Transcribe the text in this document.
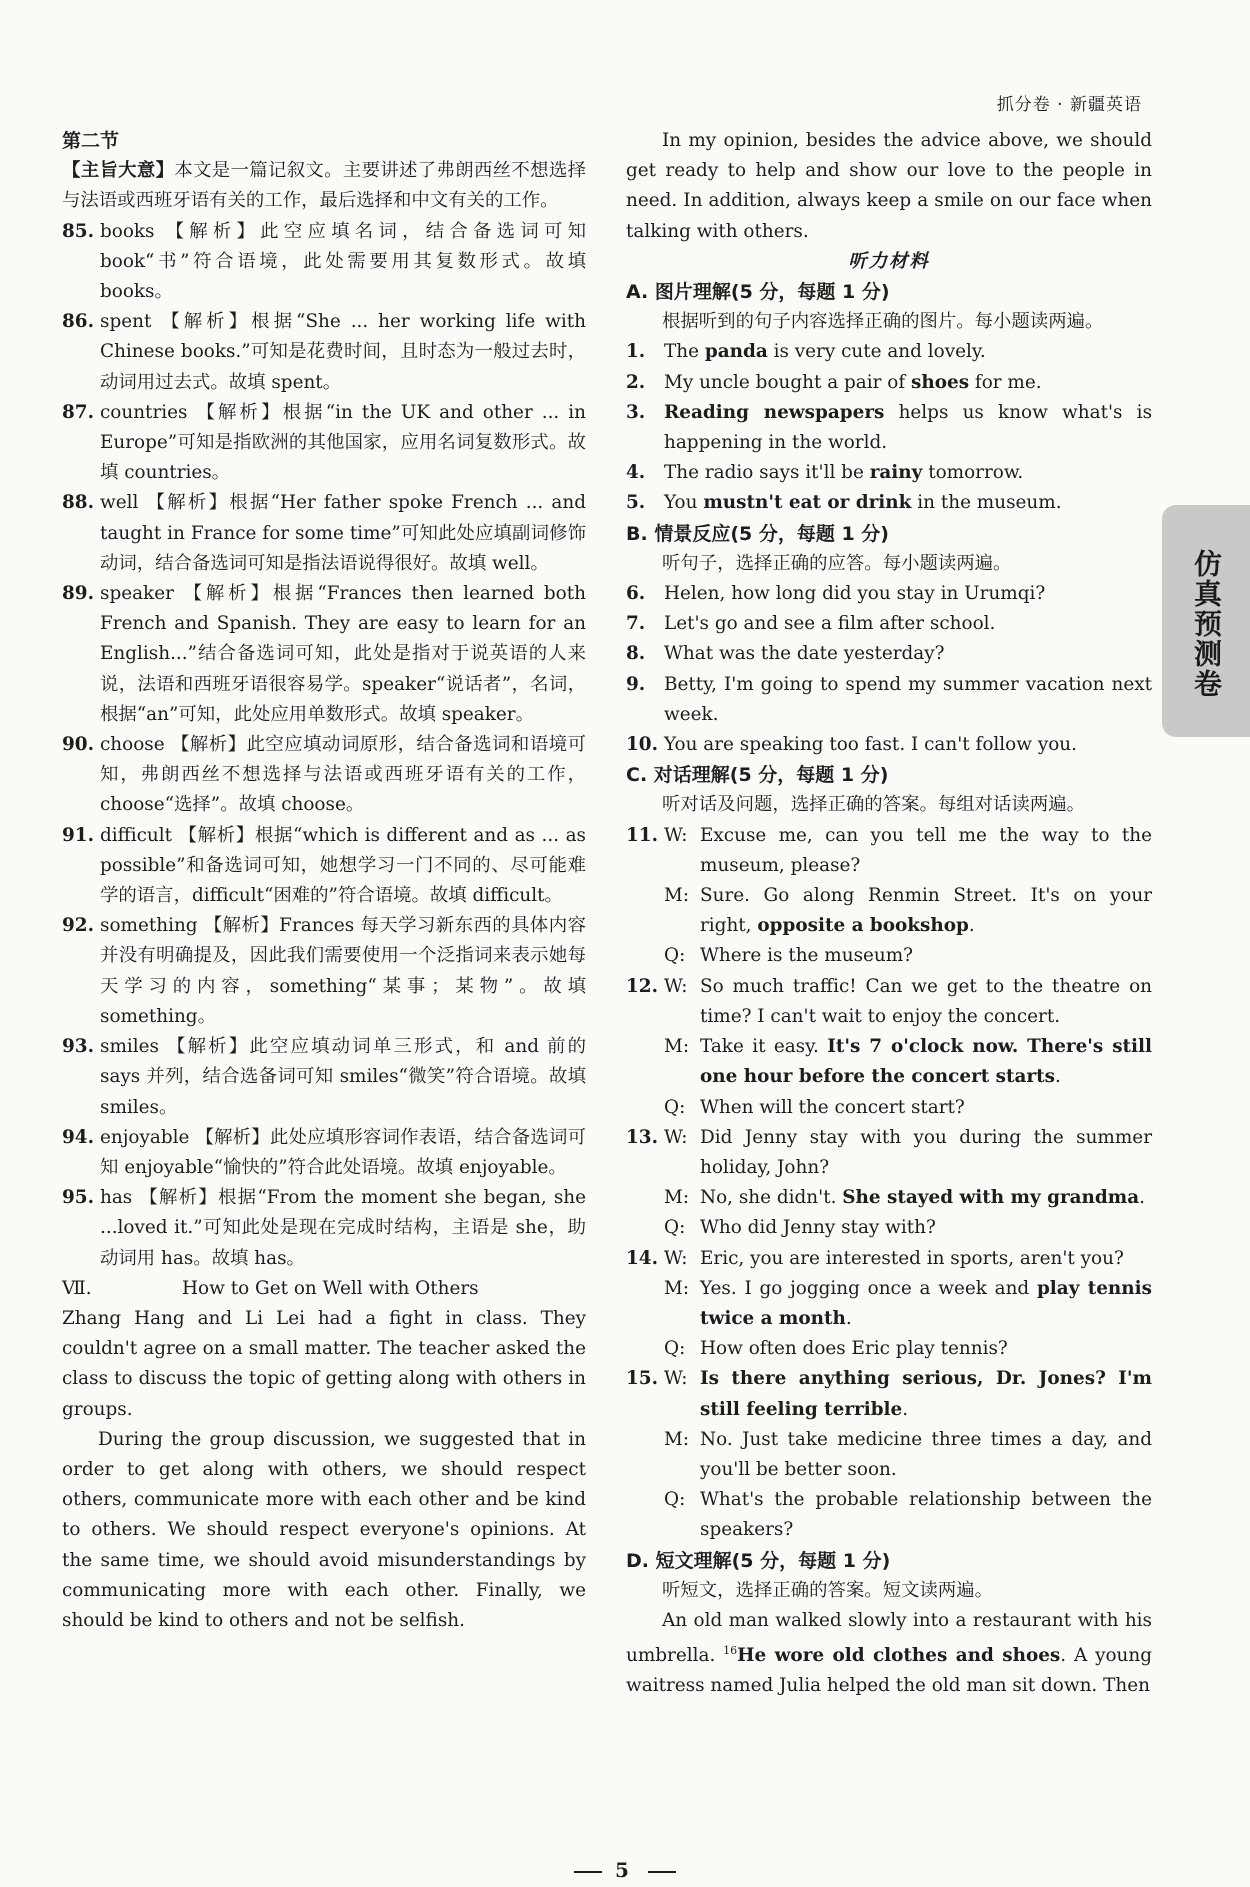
抓分卷 · 新疆英语
仿真预测卷

第二节

【主旨大意】本文是一篇记叙文。主要讲述了弗朗西丝不想选择与法语或西班牙语有关的工作，最后选择和中文有关的工作。

85. books 【解析】此空应填名词，结合备选词可知 book“书”符合语境，此处需要用其复数形式。故填 books。
86. spent 【解析】根据“She ... her working life with Chinese books.”可知是花费时间，且时态为一般过去时，动词用过去式。故填 spent。
87. countries 【解析】根据“in the UK and other ... in Europe”可知是指欧洲的其他国家，应用名词复数形式。故填 countries。
88. well 【解析】根据“Her father spoke French ... and taught in France for some time”可知此处应填副词修饰动词，结合备选词可知是指法语说得很好。故填 well。
89. speaker 【解析】根据“Frances then learned both French and Spanish. They are easy to learn for an English...”结合备选词可知，此处是指对于说英语的人来说，法语和西班牙语很容易学。speaker“说话者”，名词，根据“an”可知，此处应用单数形式。故填 speaker。
90. choose 【解析】此空应填动词原形，结合备选词和语境可知，弗朗西丝不想选择与法语或西班牙语有关的工作，choose“选择”。故填 choose。
91. difficult 【解析】根据“which is different and as ... as possible”和备选词可知，她想学习一门不同的、尽可能难学的语言，difficult“困难的”符合语境。故填 difficult。
92. something 【解析】Frances 每天学习新东西的具体内容并没有明确提及，因此我们需要使用一个泛指词来表示她每天学习的内容，something“某事；某物”。故填 something。
93. smiles 【解析】此空应填动词单三形式，和 and 前的 says 并列，结合选备词可知 smiles“微笑”符合语境。故填 smiles。
94. enjoyable 【解析】此处应填形容词作表语，结合备选词可知 enjoyable“愉快的”符合此处语境。故填 enjoyable。
95. has 【解析】根据“From the moment she began, she ...loved it.”可知此处是现在完成时结构，主语是 she，助动词用 has。故填 has。
Ⅶ.	How to Get on Well with Others

Zhang Hang and Li Lei had a fight in class. They couldn't agree on a small matter. The teacher asked the class to discuss the topic of getting along with others in groups.

During the group discussion, we suggested that in order to get along with others, we should respect others, communicate more with each other and be kind to others. We should respect everyone's opinions. At the same time, we should avoid misunderstandings by communicating more with each other. Finally, we should be kind to others and not be selfish.

In my opinion, besides the advice above, we should get ready to help and show our love to the people in need. In addition, always keep a smile on our face when talking with others.

听力材料

A. 图片理解(5 分，每题 1 分)

根据听到的句子内容选择正确的图片。每小题读两遍。

1.	The panda is very cute and lovely.
2.	My uncle bought a pair of shoes for me.
3.	Reading newspapers helps us know what's is happening in the world.
4.	The radio says it'll be rainy tomorrow.
5.	You mustn't eat or drink in the museum.

B. 情景反应(5 分，每题 1 分)

听句子，选择正确的应答。每小题读两遍。

6.	Helen, how long did you stay in Urumqi?
7.	Let's go and see a film after school.
8.	What was the date yesterday?
9.	Betty, I'm going to spend my summer vacation next week.
10. You are speaking too fast. I can't follow you.

C. 对话理解(5 分，每题 1 分)

听对话及问题，选择正确的答案。每组对话读两遍。

11. W: Excuse me, can you tell me the way to the museum, please?
M: Sure. Go along Renmin Street. It's on your right, opposite a bookshop.
Q: Where is the museum?
12. W: So much traffic! Can we get to the theatre on time? I can't wait to enjoy the concert.
M: Take it easy. It's 7 o'clock now. There's still one hour before the concert starts.
Q: When will the concert start?
13. W: Did Jenny stay with you during the summer holiday, John?
M: No, she didn't. She stayed with my grandma.
Q: Who did Jenny stay with?
14. W: Eric, you are interested in sports, aren't you?
M: Yes. I go jogging once a week and play tennis twice a month.
Q: How often does Eric play tennis?
15. W: Is there anything serious, Dr. Jones? I'm still feeling terrible.
M: No. Just take medicine three times a day, and you'll be better soon.
Q: What's the probable relationship between the speakers?

D. 短文理解(5 分，每题 1 分)

听短文，选择正确的答案。短文读两遍。

An old man walked slowly into a restaurant with his umbrella. $^{16}$He wore old clothes and shoes. A young waitress named Julia helped the old man sit down. Then

5
